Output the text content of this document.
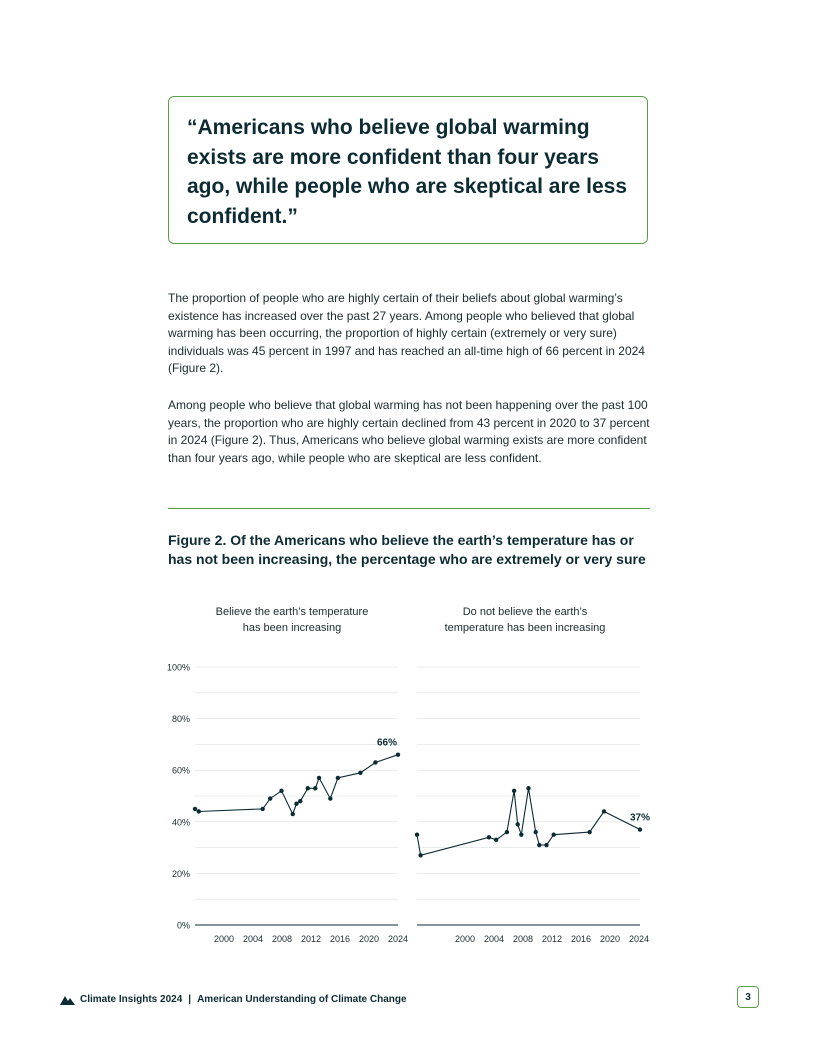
“Americans who believe global warming exists are more confident than four years ago, while people who are skeptical are less confident.”

The proportion of people who are highly certain of their beliefs about global warming’s existence has increased over the past 27 years. Among people who believed that global warming has been occurring, the proportion of highly certain (extremely or very sure) individuals was 45 percent in 1997 and has reached an all-time high of 66 percent in 2024 (Figure 2).

Among people who believe that global warming has not been happening over the past 100 years, the proportion who are highly certain declined from 43 percent in 2020 to 37 percent in 2024 (Figure 2). Thus, Americans who believe global warming exists are more confident than four years ago, while people who are skeptical are less confident.

Figure 2. Of the Americans who believe the earth’s temperature has or has not been increasing, the percentage who are extremely or very sure

Believe the earth’s temperature
has been increasing
Do not believe the earth’s
temperature has been increasing
0%
20%
40%
60%
80%
100%
2000 2004 2008 2012 2016 2020 2024
66%
2000 2004 2008 2012 2016 2020 2024
37%
Climate Insights 2024 | American Understanding of Climate Change	3
